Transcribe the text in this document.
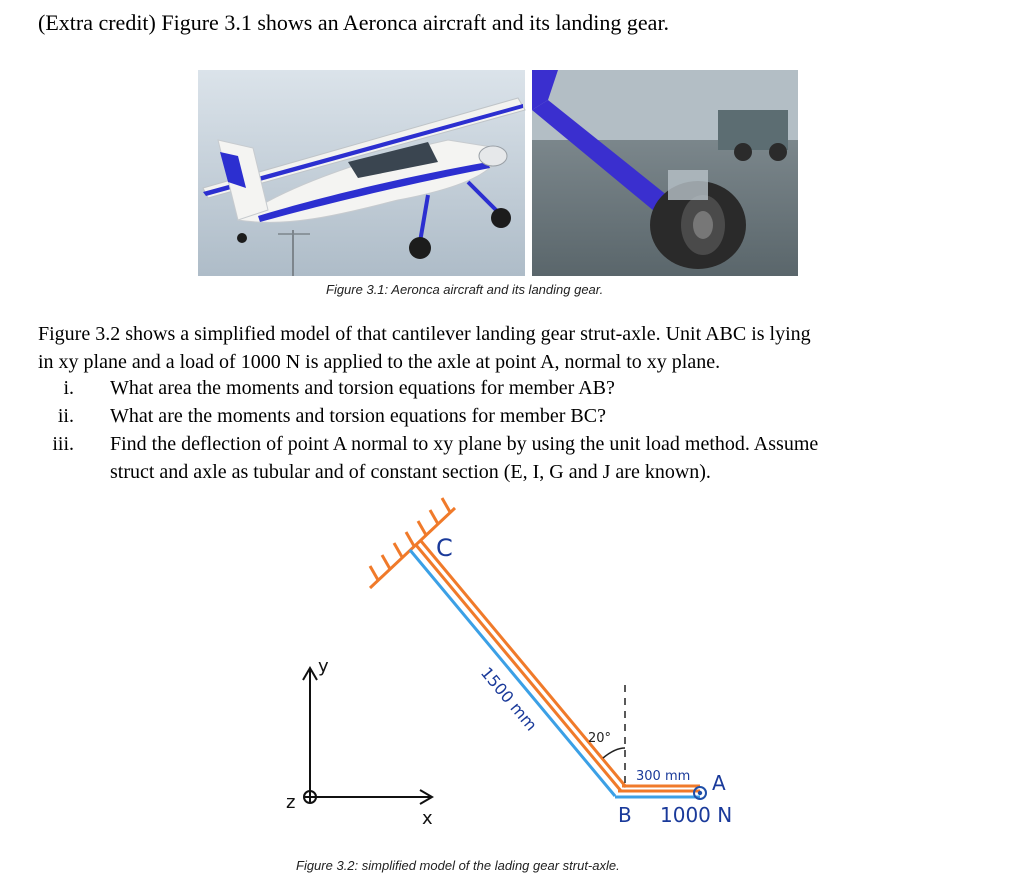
(Extra credit) Figure 3.1 shows an Aeronca aircraft and its landing gear.
Figure 3.1: Aeronca aircraft and its landing gear.

Figure 3.2 shows a simplified model of that cantilever landing gear strut-axle. Unit ABC is lying

in xy plane and a load of 1000 N is applied to the axle at point A, normal to xy plane.

i. What area the moments and torsion equations for member AB?
ii. What are the moments and torsion equations for member BC?
iii. Find the deflection of point A normal to xy plane by using the unit load method. Assume
struct and axle as tubular and of constant section (E, I, G and J are known).
C
B
A
1500 mm
300 mm
20°
1000 N
x
y
z
Figure 3.2: simplified model of the lading gear strut-axle.
